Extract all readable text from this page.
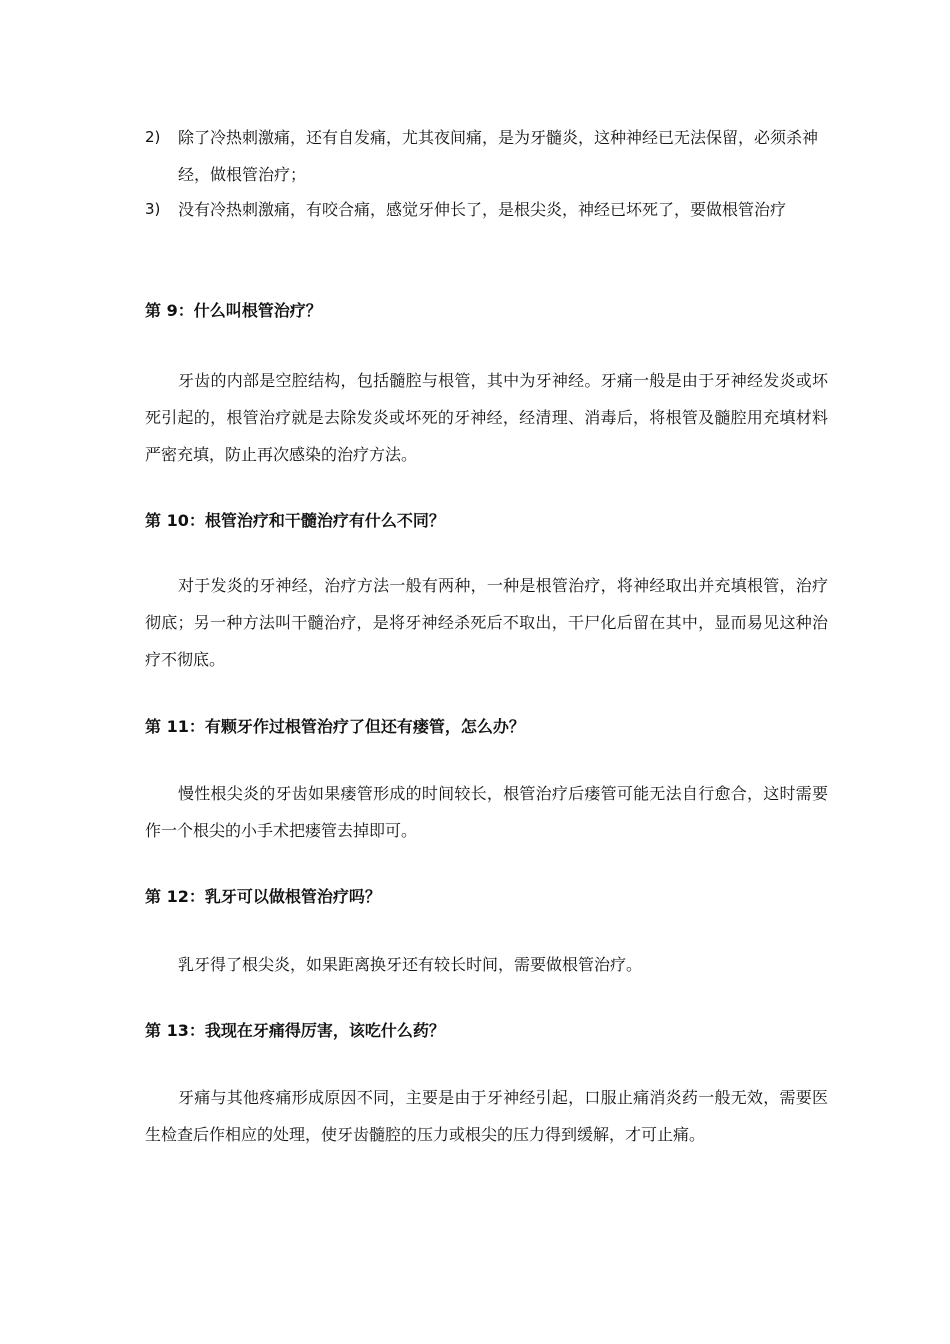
2)	除了冷热刺激痛，还有自发痛，尤其夜间痛，是为牙髓炎，这种神经已无法保留，必须杀神经，做根管治疗；
3)	没有冷热刺激痛，有咬合痛，感觉牙伸长了，是根尖炎，神经已坏死了，要做根管治疗
第 9：什么叫根管治疗？
牙齿的内部是空腔结构，包括髓腔与根管，其中为牙神经。牙痛一般是由于牙神经发炎或坏死引起的，根管治疗就是去除发炎或坏死的牙神经，经清理、消毒后，将根管及髓腔用充填材料严密充填，防止再次感染的治疗方法。
第 10：根管治疗和干髓治疗有什么不同？
对于发炎的牙神经，治疗方法一般有两种，一种是根管治疗，将神经取出并充填根管，治疗彻底；另一种方法叫干髓治疗，是将牙神经杀死后不取出，干尸化后留在其中，显而易见这种治疗不彻底。
第 11：有颗牙作过根管治疗了但还有瘘管，怎么办？
慢性根尖炎的牙齿如果瘘管形成的时间较长，根管治疗后瘘管可能无法自行愈合，这时需要作一个根尖的小手术把瘘管去掉即可。
第 12：乳牙可以做根管治疗吗？
乳牙得了根尖炎，如果距离换牙还有较长时间，需要做根管治疗。
第 13：我现在牙痛得厉害，该吃什么药？
牙痛与其他疼痛形成原因不同，主要是由于牙神经引起，口服止痛消炎药一般无效，需要医生检查后作相应的处理，使牙齿髓腔的压力或根尖的压力得到缓解，才可止痛。
